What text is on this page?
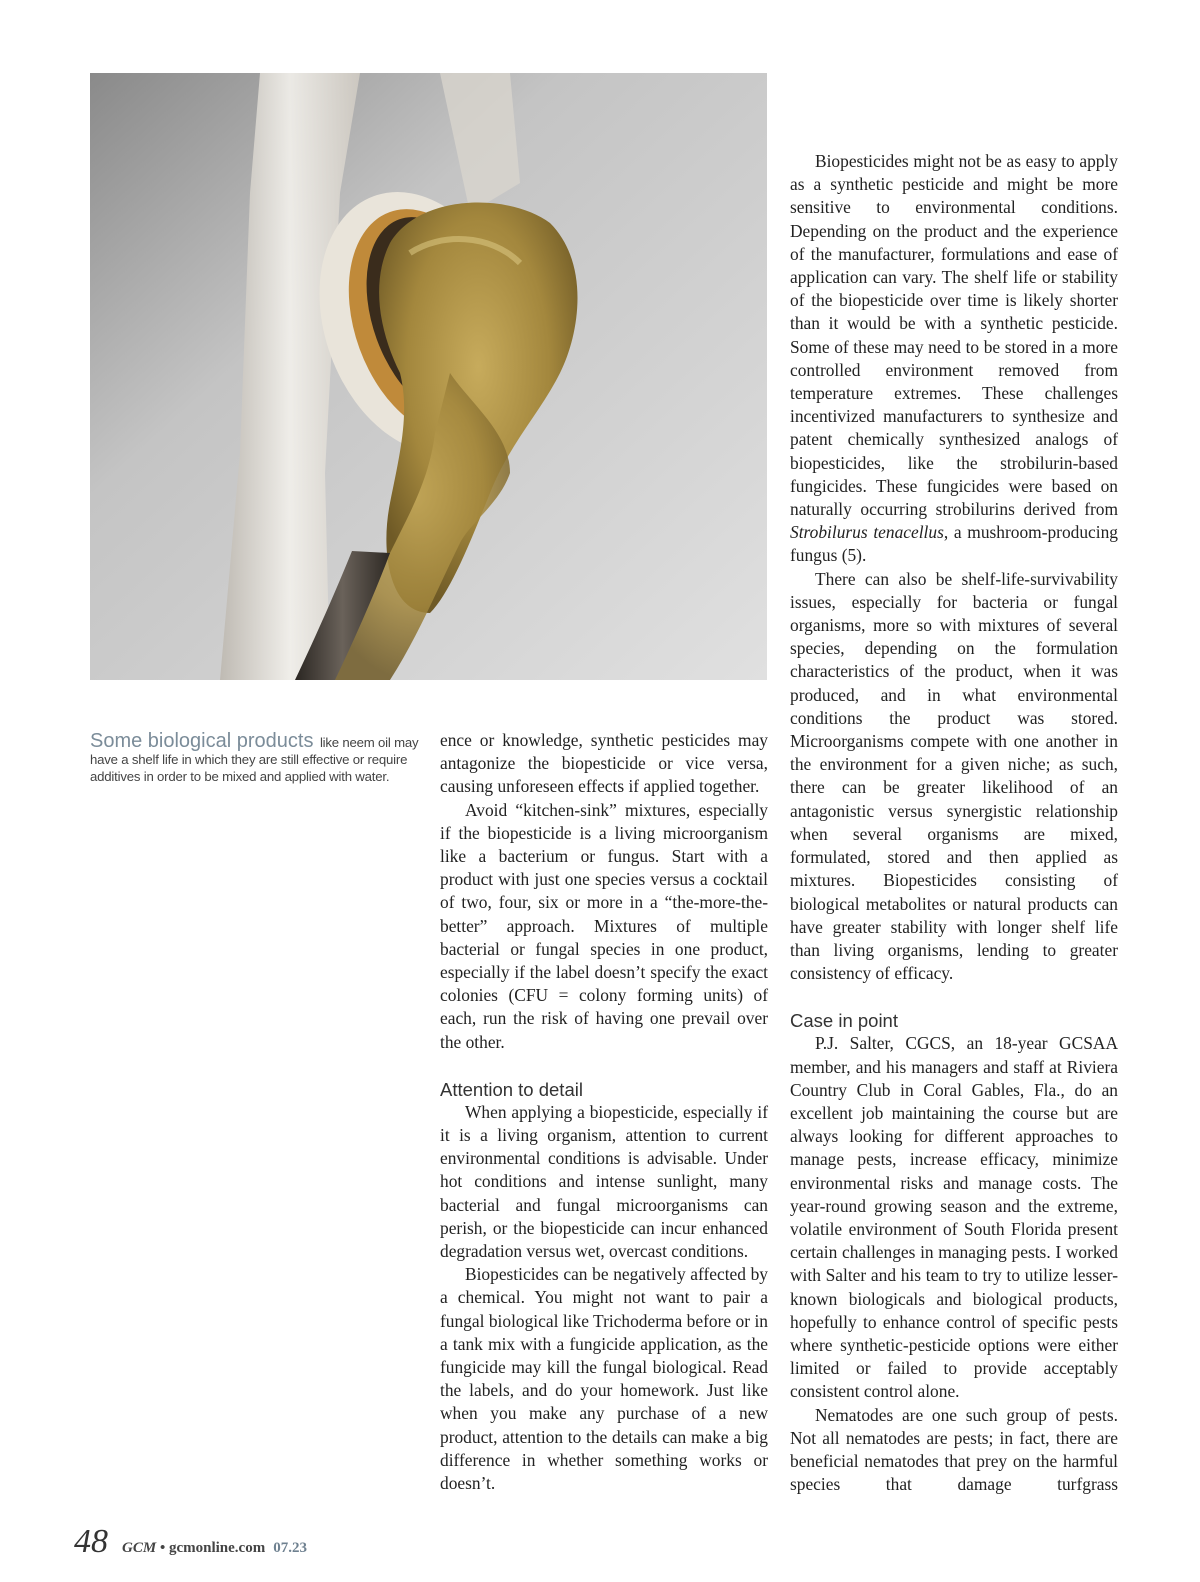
Some biological products like neem oil may have a shelf life in which they are still effective or require additives in order to be mixed and applied with water.

ence or knowledge, synthetic pesticides may antagonize the biopesticide or vice versa, causing unforeseen effects if applied together.

Avoid “kitchen-sink” mixtures, especially if the biopesticide is a living microorganism like a bacterium or fungus. Start with a product with just one species versus a cocktail of two, four, six or more in a “the-more-the-better” approach. Mixtures of multiple bacterial or fungal species in one product, especially if the label doesn’t specify the exact colonies (CFU = colony forming units) of each, run the risk of having one prevail over the other.

Attention to detail

When applying a biopesticide, especially if it is a living organism, attention to current environmental conditions is advisable. Under hot conditions and intense sunlight, many bacterial and fungal microorganisms can perish, or the biopesticide can incur enhanced degradation versus wet, overcast conditions.

Biopesticides can be negatively affected by a chemical. You might not want to pair a fungal biological like Trichoderma before or in a tank mix with a fungicide application, as the fungicide may kill the fungal biological. Read the labels, and do your homework. Just like when you make any purchase of a new product, attention to the details can make a big difference in whether something works or doesn’t.

Biopesticides might not be as easy to apply as a synthetic pesticide and might be more sensitive to environmental conditions. Depending on the product and the experience of the manufacturer, formulations and ease of application can vary. The shelf life or stability of the biopesticide over time is likely shorter than it would be with a synthetic pesticide. Some of these may need to be stored in a more controlled environment removed from temperature extremes. These challenges incentivized manufacturers to synthesize and patent chemically synthesized analogs of biopesticides, like the strobilurin-based fungicides. These fungicides were based on naturally occurring strobilurins derived from Strobilurus tenacellus, a mushroom-producing fungus (5).

There can also be shelf-life-survivability issues, especially for bacteria or fungal organisms, more so with mixtures of several species, depending on the formulation characteristics of the product, when it was produced, and in what environmental conditions the product was stored. Microorganisms compete with one another in the environment for a given niche; as such, there can be greater likelihood of an antagonistic versus synergistic relationship when several organisms are mixed, formulated, stored and then applied as mixtures. Biopesticides consisting of biological metabolites or natural products can have greater stability with longer shelf life than living organisms, lending to greater consistency of efficacy.

Case in point

P.J. Salter, CGCS, an 18-year GCSAA member, and his managers and staff at Riviera Country Club in Coral Gables, Fla., do an excellent job maintaining the course but are always looking for different approaches to manage pests, increase efficacy, minimize environmental risks and manage costs. The year-round growing season and the extreme, volatile environment of South Florida present certain challenges in managing pests. I worked with Salter and his team to try to utilize lesser-known biologicals and biological products, hopefully to enhance control of specific pests where synthetic-pesticide options were either limited or failed to provide acceptably consistent control alone.

Nematodes are one such group of pests. Not all nematodes are pests; in fact, there are beneficial nematodes that prey on the harmful species that damage turfgrass

48 GCM • gcmonline.com 07.23
